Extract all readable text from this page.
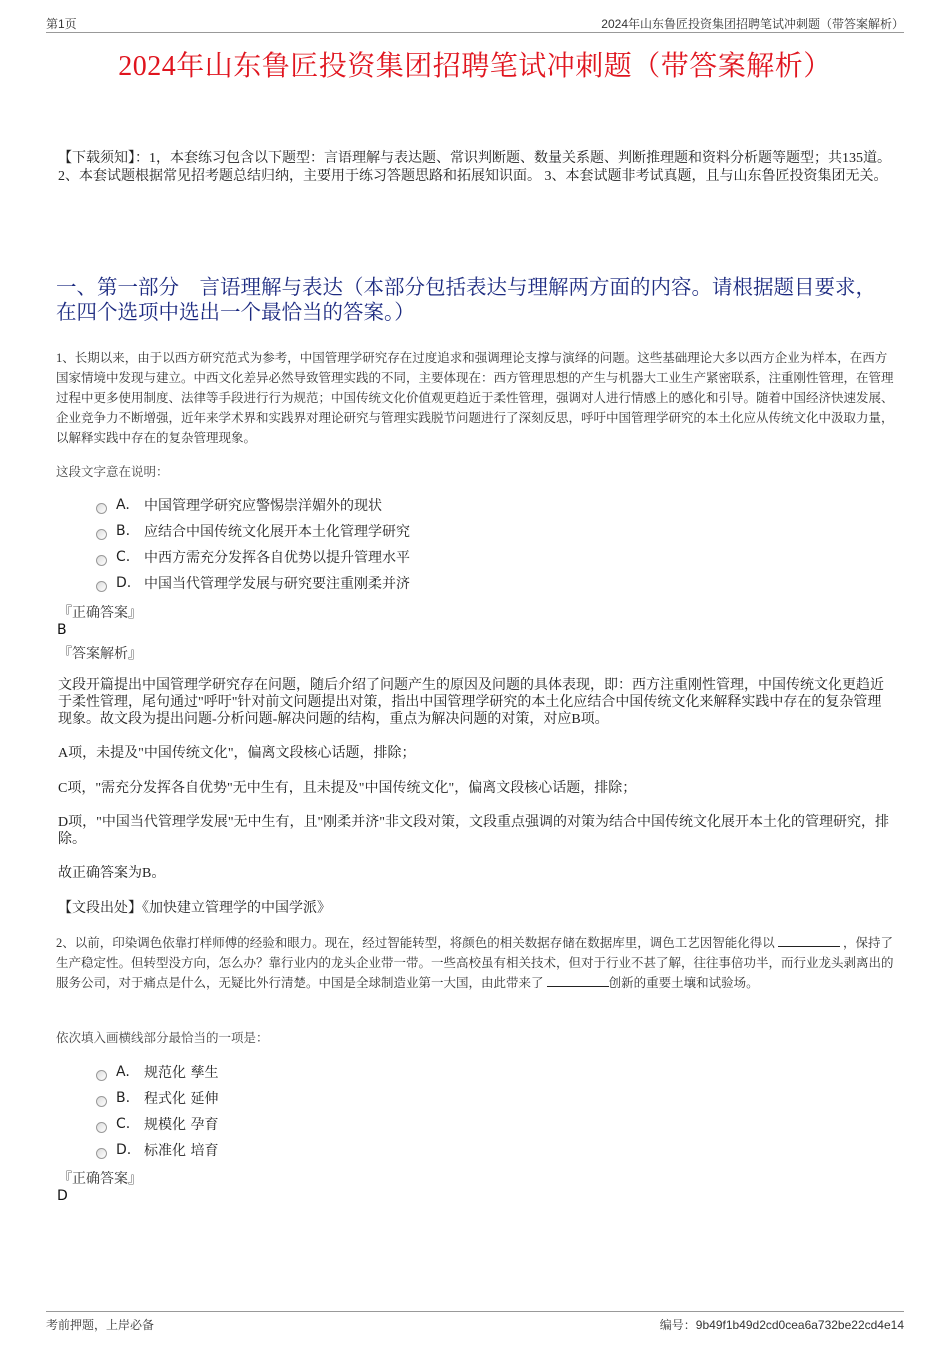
第1页	2024年山东鲁匠投资集团招聘笔试冲刺题（带答案解析）
2024年山东鲁匠投资集团招聘笔试冲刺题（带答案解析）
【下载须知】：1，本套练习包含以下题型：言语理解与表达题、常识判断题、数量关系题、判断推理题和资料分析题等题型；共135道。 2、本套试题根据常见招考题总结归纳，主要用于练习答题思路和拓展知识面。 3、本套试题非考试真题，且与山东鲁匠投资集团无关。
一、第一部分　言语理解与表达（本部分包括表达与理解两方面的内容。请根据题目要求，在四个选项中选出一个最恰当的答案。）
1、长期以来，由于以西方研究范式为参考，中国管理学研究存在过度追求和强调理论支撑与演绎的问题。这些基础理论大多以西方企业为样本，在西方国家情境中发现与建立。中西文化差异必然导致管理实践的不同，主要体现在：西方管理思想的产生与机器大工业生产紧密联系，注重刚性管理，在管理过程中更多使用制度、法律等手段进行行为规范；中国传统文化价值观更趋近于柔性管理，强调对人进行情感上的感化和引导。随着中国经济快速发展、企业竞争力不断增强，近年来学术界和实践界对理论研究与管理实践脱节问题进行了深刻反思，呼吁中国管理学研究的本土化应从传统文化中汲取力量，以解释实践中存在的复杂管理现象。
这段文字意在说明：
A.	中国管理学研究应警惕崇洋媚外的现状
B. 应结合中国传统文化展开本土化管理学研究
C. 中西方需充分发挥各自优势以提升管理水平
D. 中国当代管理学发展与研究要注重刚柔并济
『正确答案』
B
『答案解析』
文段开篇提出中国管理学研究存在问题，随后介绍了问题产生的原因及问题的具体表现，即：西方注重刚性管理，中国传统文化更趋近于柔性管理，尾句通过"呼吁"针对前文问题提出对策，指出中国管理学研究的本土化应结合中国传统文化来解释实践中存在的复杂管理现象。故文段为提出问题-分析问题-解决问题的结构，重点为解决问题的对策，对应B项。
A项，未提及"中国传统文化"，偏离文段核心话题，排除；
C项，"需充分发挥各自优势"无中生有，且未提及"中国传统文化"，偏离文段核心话题，排除；
D项，"中国当代管理学发展"无中生有，且"刚柔并济"非文段对策，文段重点强调的对策为结合中国传统文化展开本土化的管理研究，排除。
故正确答案为B。
【文段出处】《加快建立管理学的中国学派》
2、以前，印染调色依靠打样师傅的经验和眼力。现在，经过智能转型，将颜色的相关数据存储在数据库里，调色工艺因智能化得以	，保持了生产稳定性。但转型没方向，怎么办？靠行业内的龙头企业带一带。一些高校虽有相关技术，但对于行业不甚了解，往往事倍功半，而行业龙头剥离出的服务公司，对于痛点是什么，无疑比外行清楚。中国是全球制造业第一大国，由此带来了	创新的重要土壤和试验场。
依次填入画横线部分最恰当的一项是：
A.	规范化 孳生
B. 程式化 延伸
C. 规模化 孕育
D. 标准化 培育
『正确答案』
D
考前押题，上岸必备	编号：9b49f1b49d2cd0cea6a732be22cd4e14
